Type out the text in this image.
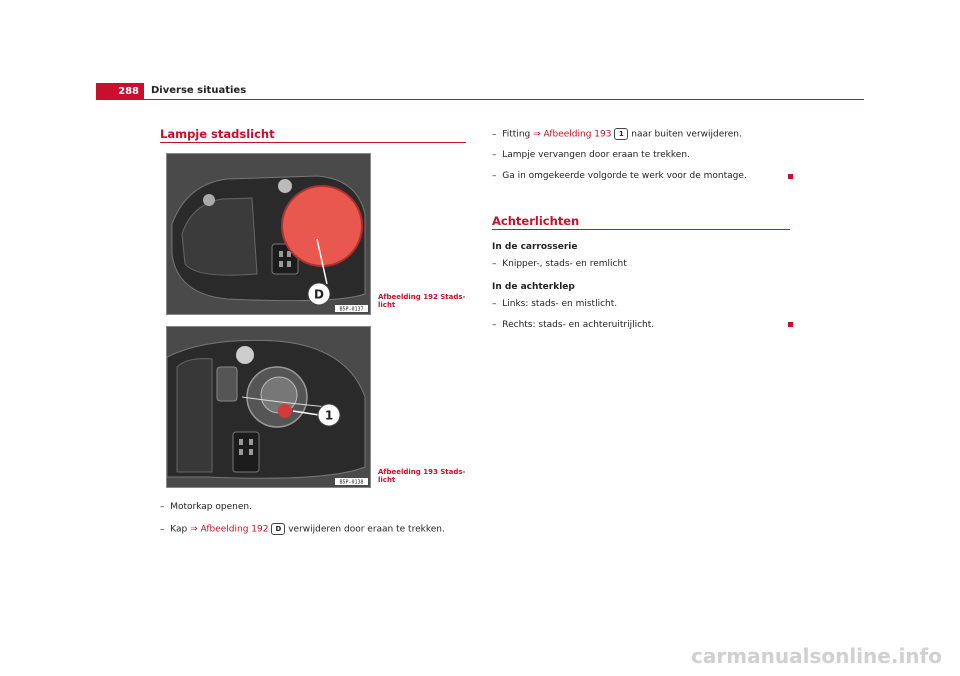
288	Diverse situaties
Lampje stadslicht
D
B5P-0137
Afbeelding 192 Stads-licht
1
B5P-0138
Afbeelding 193 Stads-licht
– Motorkap openen.
– Kap ⇒ Afbeelding 192 D verwijderen door eraan te trekken.
– Fitting ⇒ Afbeelding 193 1 naar buiten verwijderen.
– Lampje vervangen door eraan te trekken.
– Ga in omgekeerde volgorde te werk voor de montage.
Achterlichten
In de carrosserie
–  Knipper-, stads- en remlicht
In de achterklep
–  Links: stads- en mistlicht.
–  Rechts: stads- en achteruitrijlicht.
carmanualsonline.info
